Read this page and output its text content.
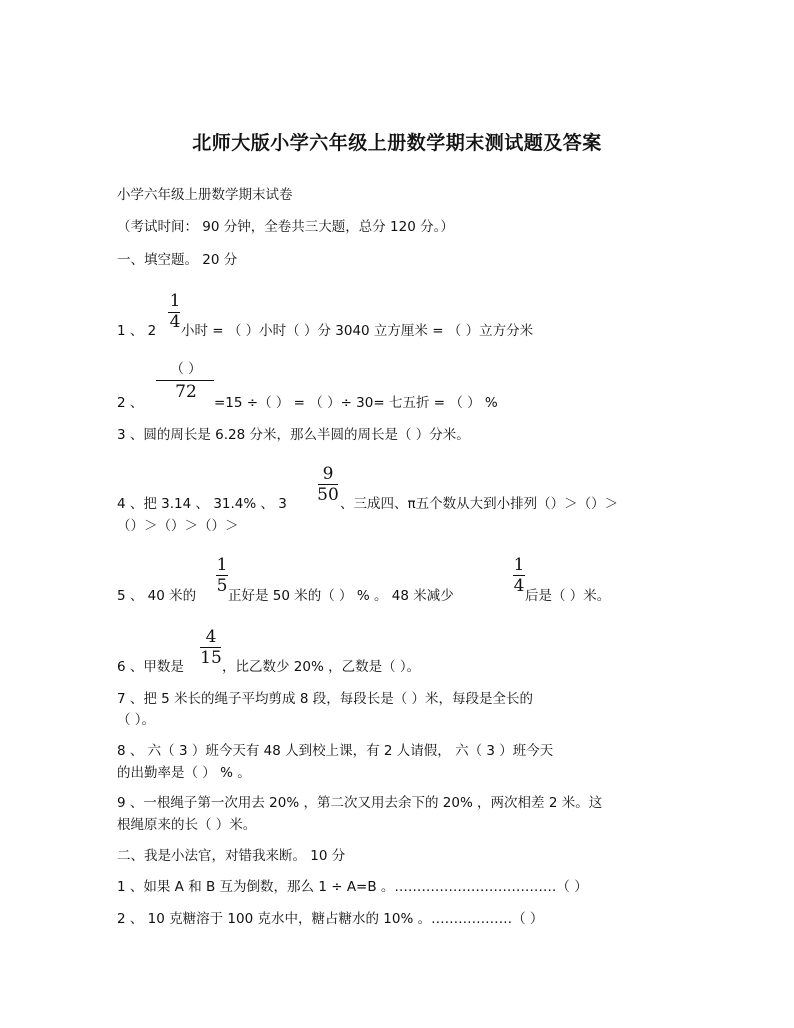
北师大版小学六年级上册数学期末测试题及答案
小学六年级上册数学期末试卷
（考试时间： 90 分钟，全卷共三大题，总分 120 分。）
一、填空题。 20 分
1 、 2
1
4 小时 = （ ）小时（ ）分 3040 立方厘米 = （ ）立方分米
2 、
（ ）
72
=15 ÷（ ） = （ ）÷ 30= 七五折 = （ ） %
3 、圆的周长是 6.28 分米，那么半圆的周长是（ ）分米。
4 、把 3.14 、 31.4% 、 3
9
50 、三成四、π五个数从大到小排列（）＞（）＞
（）＞（）＞（）＞
5 、 40 米的
1
5 正好是 50 米的（ ） % 。 48 米减少
1
4 后是（ ）米。
6 、甲数是
4
15 ，比乙数少 20% ，乙数是（ ）。
7 、把 5 米长的绳子平均剪成 8 段，每段长是（ ）米，每段是全长的
（ ）。
8 、 六（ 3 ）班今天有 48 人到校上课，有 2 人请假， 六（ 3 ）班今天
的出勤率是（ ） % 。
9 、一根绳子第一次用去 20% ，第二次又用去余下的 20% ，两次相差 2 米。这
根绳原来的长（ ）米。
二、我是小法官，对错我来断。 10 分
1 、如果 A 和 B 互为倒数，那么 1 ÷ A=B 。………………………………（ ）
2 、 10 克糖溶于 100 克水中，糖占糖水的 10% 。………………（ ）
